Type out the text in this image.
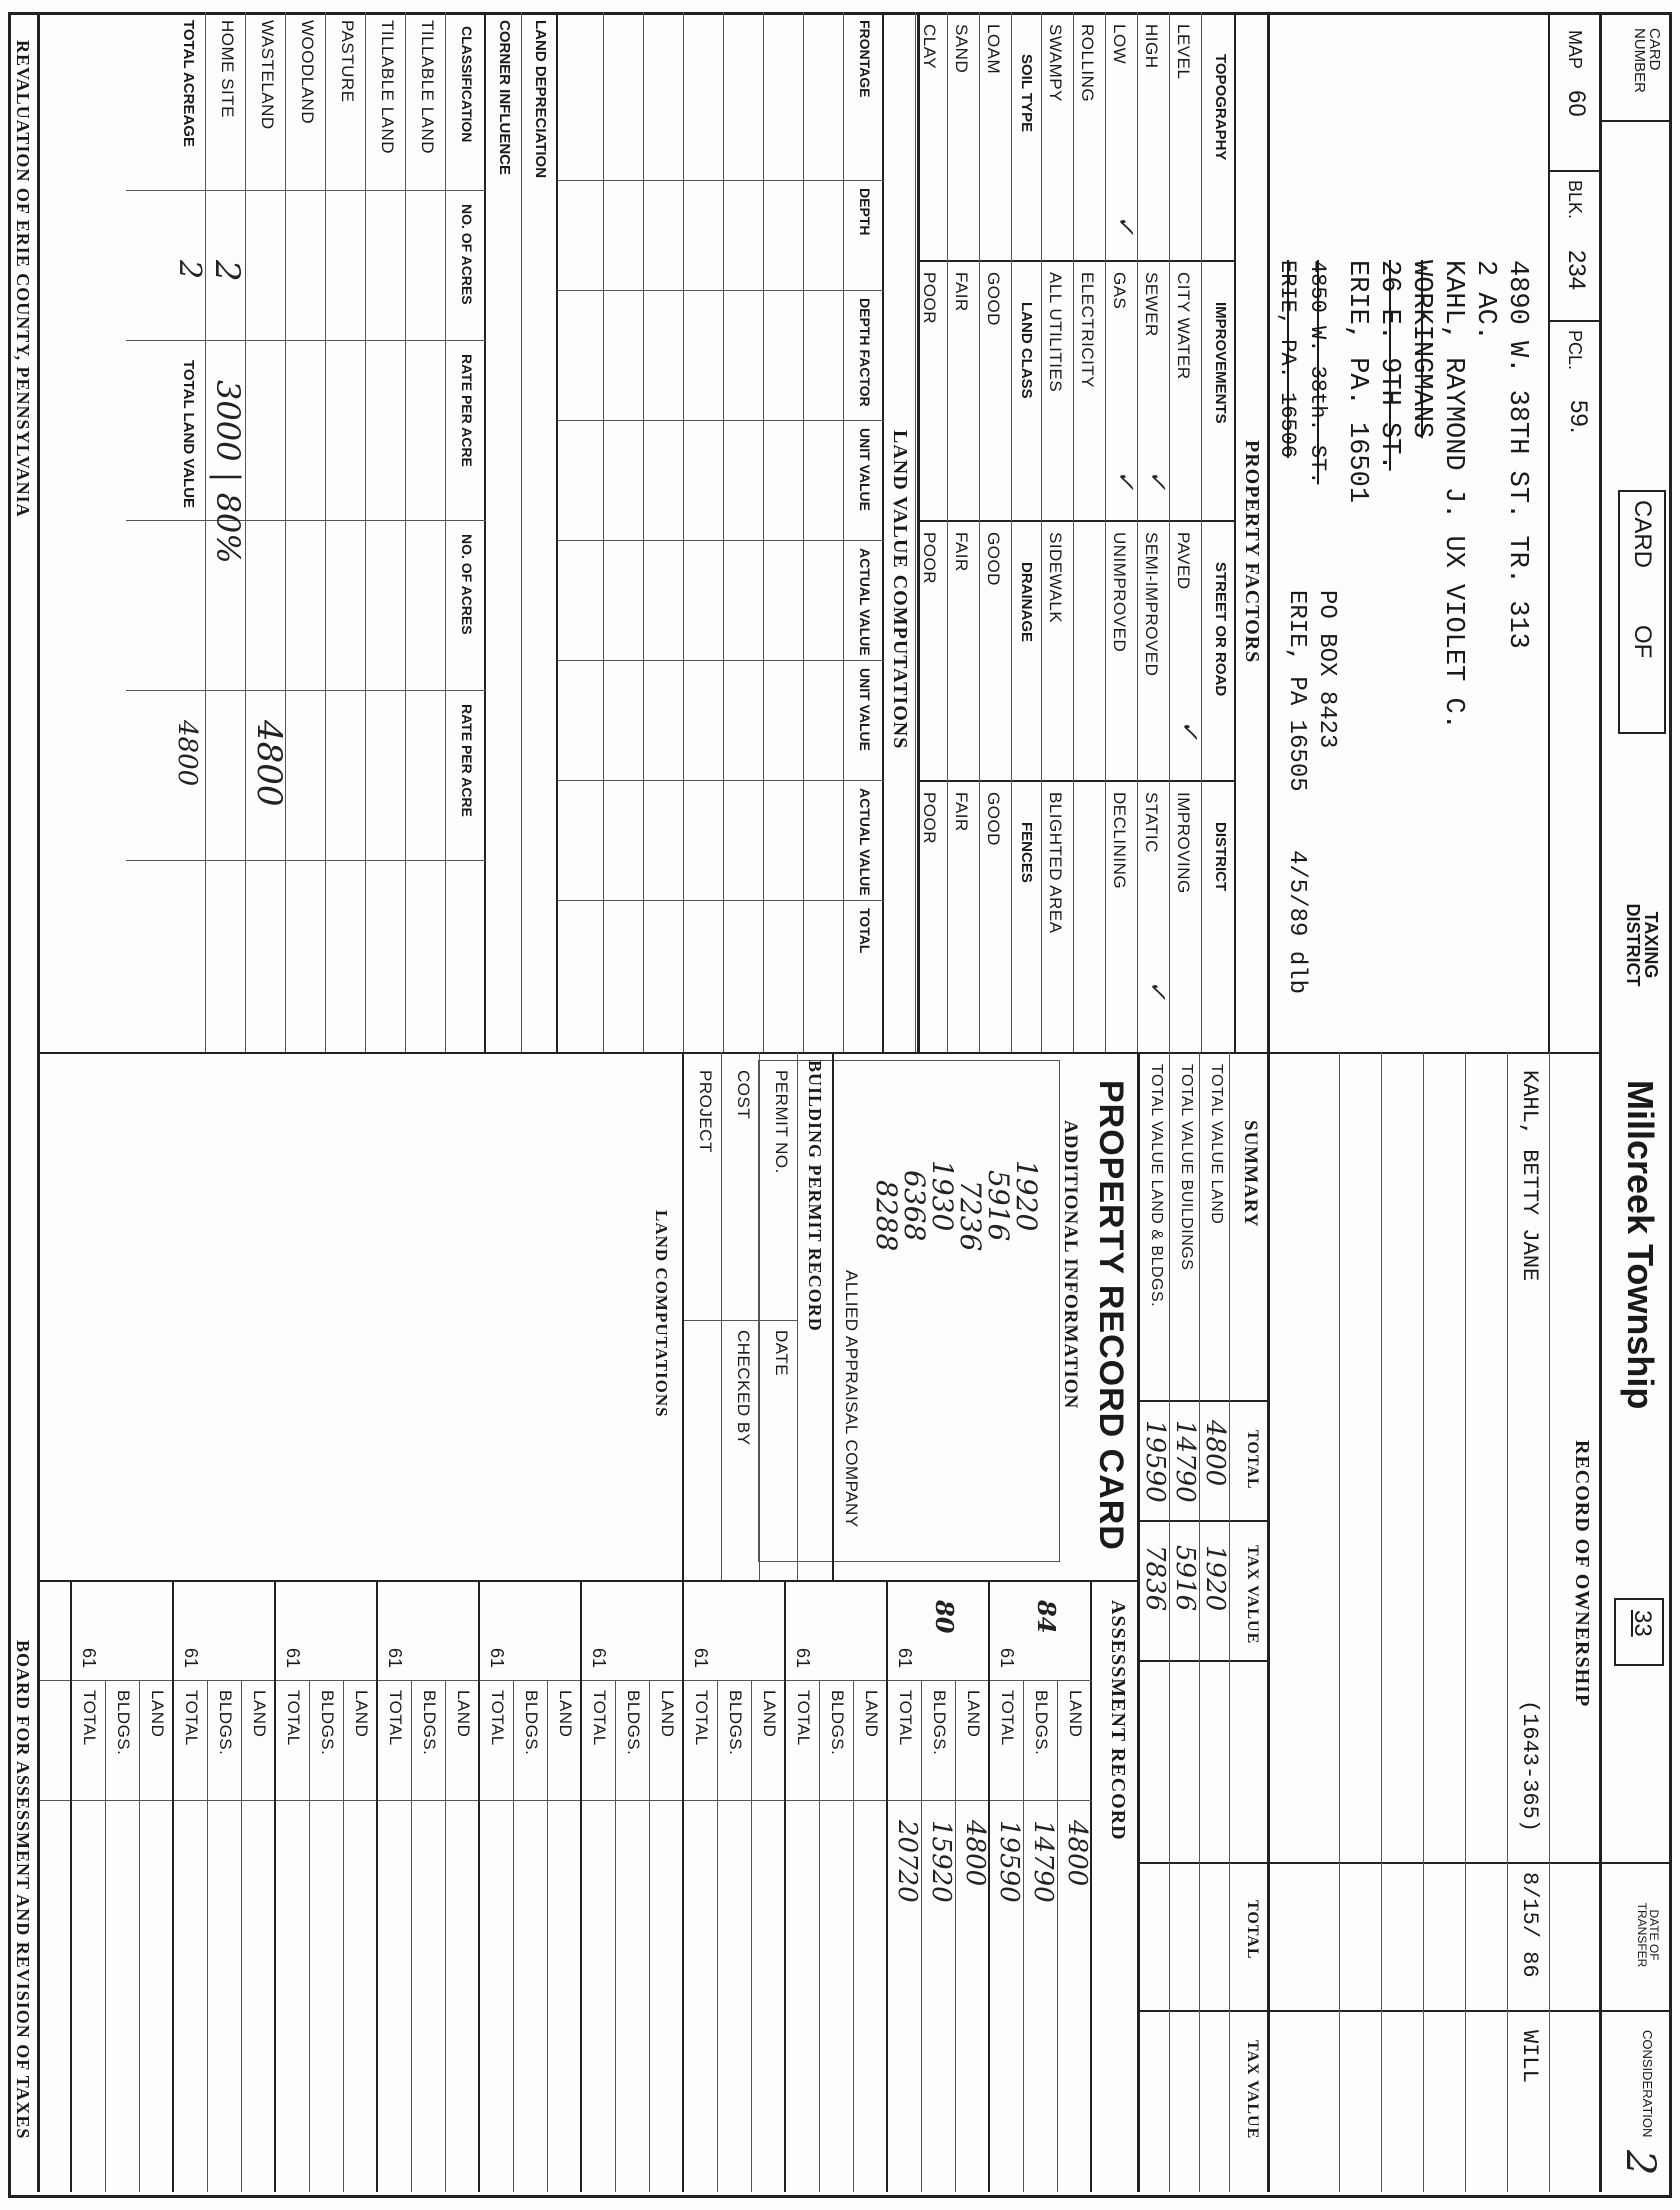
CARD NUMBER
CARD
OF
TAXING DISTRICT
Millcreek Township
33
2
MAP
60
BLK.
234
PCL.
59.
4890 W. 38TH ST. TR. 313
2 AC.
KAHL, RAYMOND J. UX VIOLET C.
WORKINGMANS
26 E. 9TH ST.
ERIE, PA. 16501
4850 W. 38th. ST.
ERIE, PA. 16506
PO BOX 8423
ERIE, PA 16505
4/5/89 dlb
RECORD OF OWNERSHIP
DATE OF TRANSFER
CONSIDERATION
KAHL, BETTY JANE
(1643-365)
8/15/ 86
WILL
PROPERTY FACTORS
TOPOGRAPHY
IMPROVEMENTS
STREET OR ROAD
DISTRICT
LEVEL
CITY WATER
PAVED
IMPROVING
HIGH
SEWER
SEMI-IMPROVED
STATIC
LOW
GAS
UNIMPROVED
DECLINING
ROLLING
ELECTRICITY
SWAMPY
ALL UTILITIES
SIDEWALK
BLIGHTED AREA
SOIL TYPE
LAND CLASS
DRAINAGE
FENCES
LOAM
GOOD
GOOD
GOOD
SAND
FAIR
FAIR
FAIR
CLAY
POOR
POOR
POOR
✓
✓
✓
✓
✓
LAND VALUE COMPUTATIONS
FRONTAGE
DEPTH
DEPTH FACTOR
UNIT VALUE
ACTUAL VALUE
UNIT VALUE
ACTUAL VALUE
TOTAL
LAND DEPRECIATION
CORNER INFLUENCE
CLASSIFICATION
NO. OF ACRES
RATE PER ACRE
NO. OF ACRES
RATE PER ACRE
TILLABLE LAND
TILLABLE LAND
PASTURE
WOODLAND
WASTELAND
HOME SITE
2
3000 | 80%
4800
TOTAL ACREAGE
2
4800
TOTAL LAND VALUE
SUMMARY
TOTAL
TAX VALUE
TOTAL
TAX VALUE
TOTAL VALUE LAND
4800
1920
TOTAL VALUE BUILDINGS
14790
5916
TOTAL VALUE LAND & BLDGS.
19590
7836
PROPERTY RECORD CARD
ADDITIONAL INFORMATION
1920
5916
7236
1930
6368
8288
ALLIED APPRAISAL COMPANY
BUILDING PERMIT RECORD
PERMIT NO.
DATE
COST
CHECKED BY
PROJECT
LAND COMPUTATIONS
ASSESSMENT RECORD
LAND
4800
BLDGS.
14790
84
TOTAL
19590
61
LAND
4800
BLDGS.
15920
80
TOTAL
20720
61
LAND
BLDGS.
TOTAL
61
LAND
BLDGS.
TOTAL
61
LAND
BLDGS.
TOTAL
61
LAND
BLDGS.
TOTAL
61
LAND
BLDGS.
TOTAL
61
LAND
BLDGS.
TOTAL
61
LAND
BLDGS.
TOTAL
61
LAND
BLDGS.
TOTAL
61
REVALUATION OF ERIE COUNTY, PENNSYLVANIA
BOARD FOR ASSESSMENT AND REVISION OF TAXES
